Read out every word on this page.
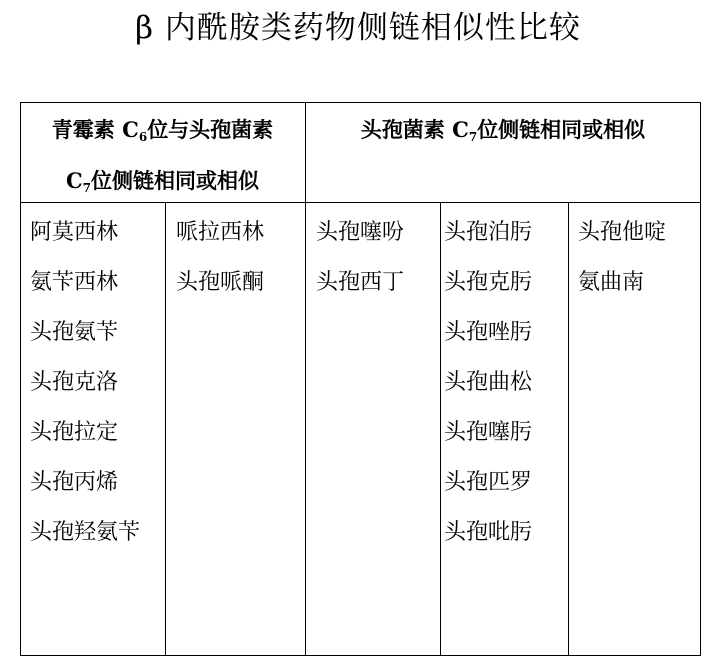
β 内酰胺类药物侧链相似性比较
青霉素 C6位与头孢菌素
C7位侧链相同或相似
头孢菌素 C7位侧链相同或相似
阿莫西林
氨苄西林
头孢氨苄
头孢克洛
头孢拉定
头孢丙烯
头孢羟氨苄
哌拉西林
头孢哌酮
头孢噻吩
头孢西丁
头孢泊肟
头孢克肟
头孢唑肟
头孢曲松
头孢噻肟
头孢匹罗
头孢吡肟
头孢他啶
氨曲南
